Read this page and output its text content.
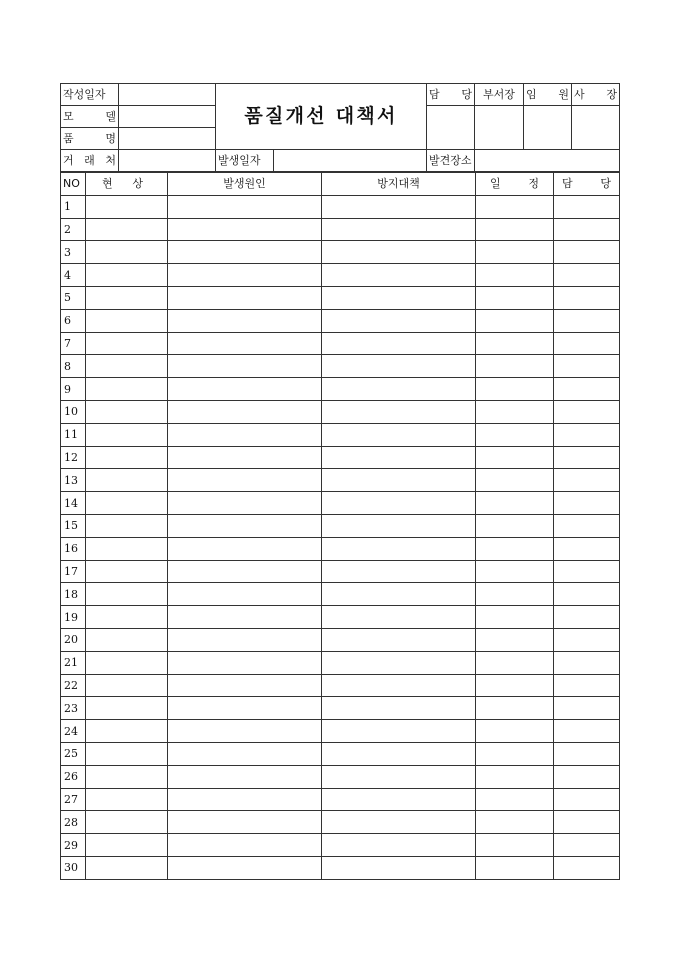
작성일자		품질개선 대책서		담 당	부서장	임 원	사 장
모 델							
품 명							
거 래 처		발생일자		발견장소			
NO	현 상	발생원인	방지대책	일 정	담 당
1					
2					
3					
4					
5					
6					
7					
8					
9					
10					
11					
12					
13					
14					
15					
16					
17					
18					
19					
20					
21					
22					
23					
24					
25					
26					
27					
28					
29					
30					
